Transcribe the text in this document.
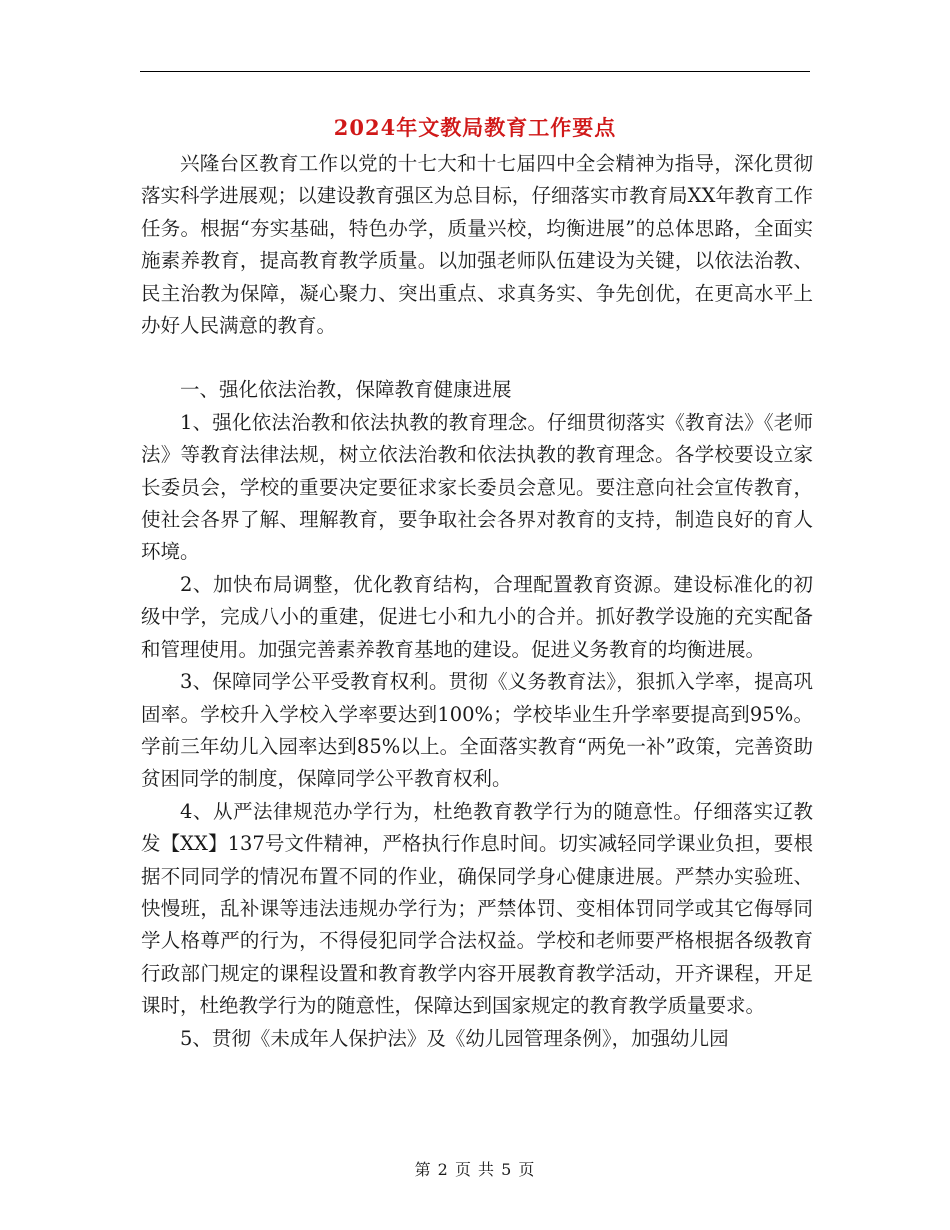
2024年文教局教育工作要点

兴隆台区教育工作以党的十七大和十七届四中全会精神为指导，深化贯彻落实科学进展观；以建设教育强区为总目标，仔细落实市教育局XX年教育工作任务。根据“夯实基础，特色办学，质量兴校，均衡进展”的总体思路，全面实施素养教育，提高教育教学质量。以加强老师队伍建设为关键，以依法治教、民主治教为保障，凝心聚力、突出重点、求真务实、争先创优，在更高水平上办好人民满意的教育。

一、强化依法治教，保障教育健康进展

1、强化依法治教和依法执教的教育理念。仔细贯彻落实《教育法》《老师法》等教育法律法规，树立依法治教和依法执教的教育理念。各学校要设立家长委员会，学校的重要决定要征求家长委员会意见。要注意向社会宣传教育，使社会各界了解、理解教育，要争取社会各界对教育的支持，制造良好的育人环境。

2、加快布局调整，优化教育结构，合理配置教育资源。建设标准化的初级中学，完成八小的重建，促进七小和九小的合并。抓好教学设施的充实配备和管理使用。加强完善素养教育基地的建设。促进义务教育的均衡进展。

3、保障同学公平受教育权利。贯彻《义务教育法》，狠抓入学率，提高巩固率。学校升入学校入学率要达到100%；学校毕业生升学率要提高到95%。学前三年幼儿入园率达到85%以上。全面落实教育“两免一补”政策，完善资助贫困同学的制度，保障同学公平教育权利。

4、从严法律规范办学行为，杜绝教育教学行为的随意性。仔细落实辽教发【XX】137号文件精神，严格执行作息时间。切实减轻同学课业负担，要根据不同同学的情况布置不同的作业，确保同学身心健康进展。严禁办实验班、快慢班，乱补课等违法违规办学行为；严禁体罚、变相体罚同学或其它侮辱同学人格尊严的行为，不得侵犯同学合法权益。学校和老师要严格根据各级教育行政部门规定的课程设置和教育教学内容开展教育教学活动，开齐课程，开足课时，杜绝教学行为的随意性，保障达到国家规定的教育教学质量要求。

5、贯彻《未成年人保护法》及《幼儿园管理条例》，加强幼儿园

第 2 页 共 5 页
